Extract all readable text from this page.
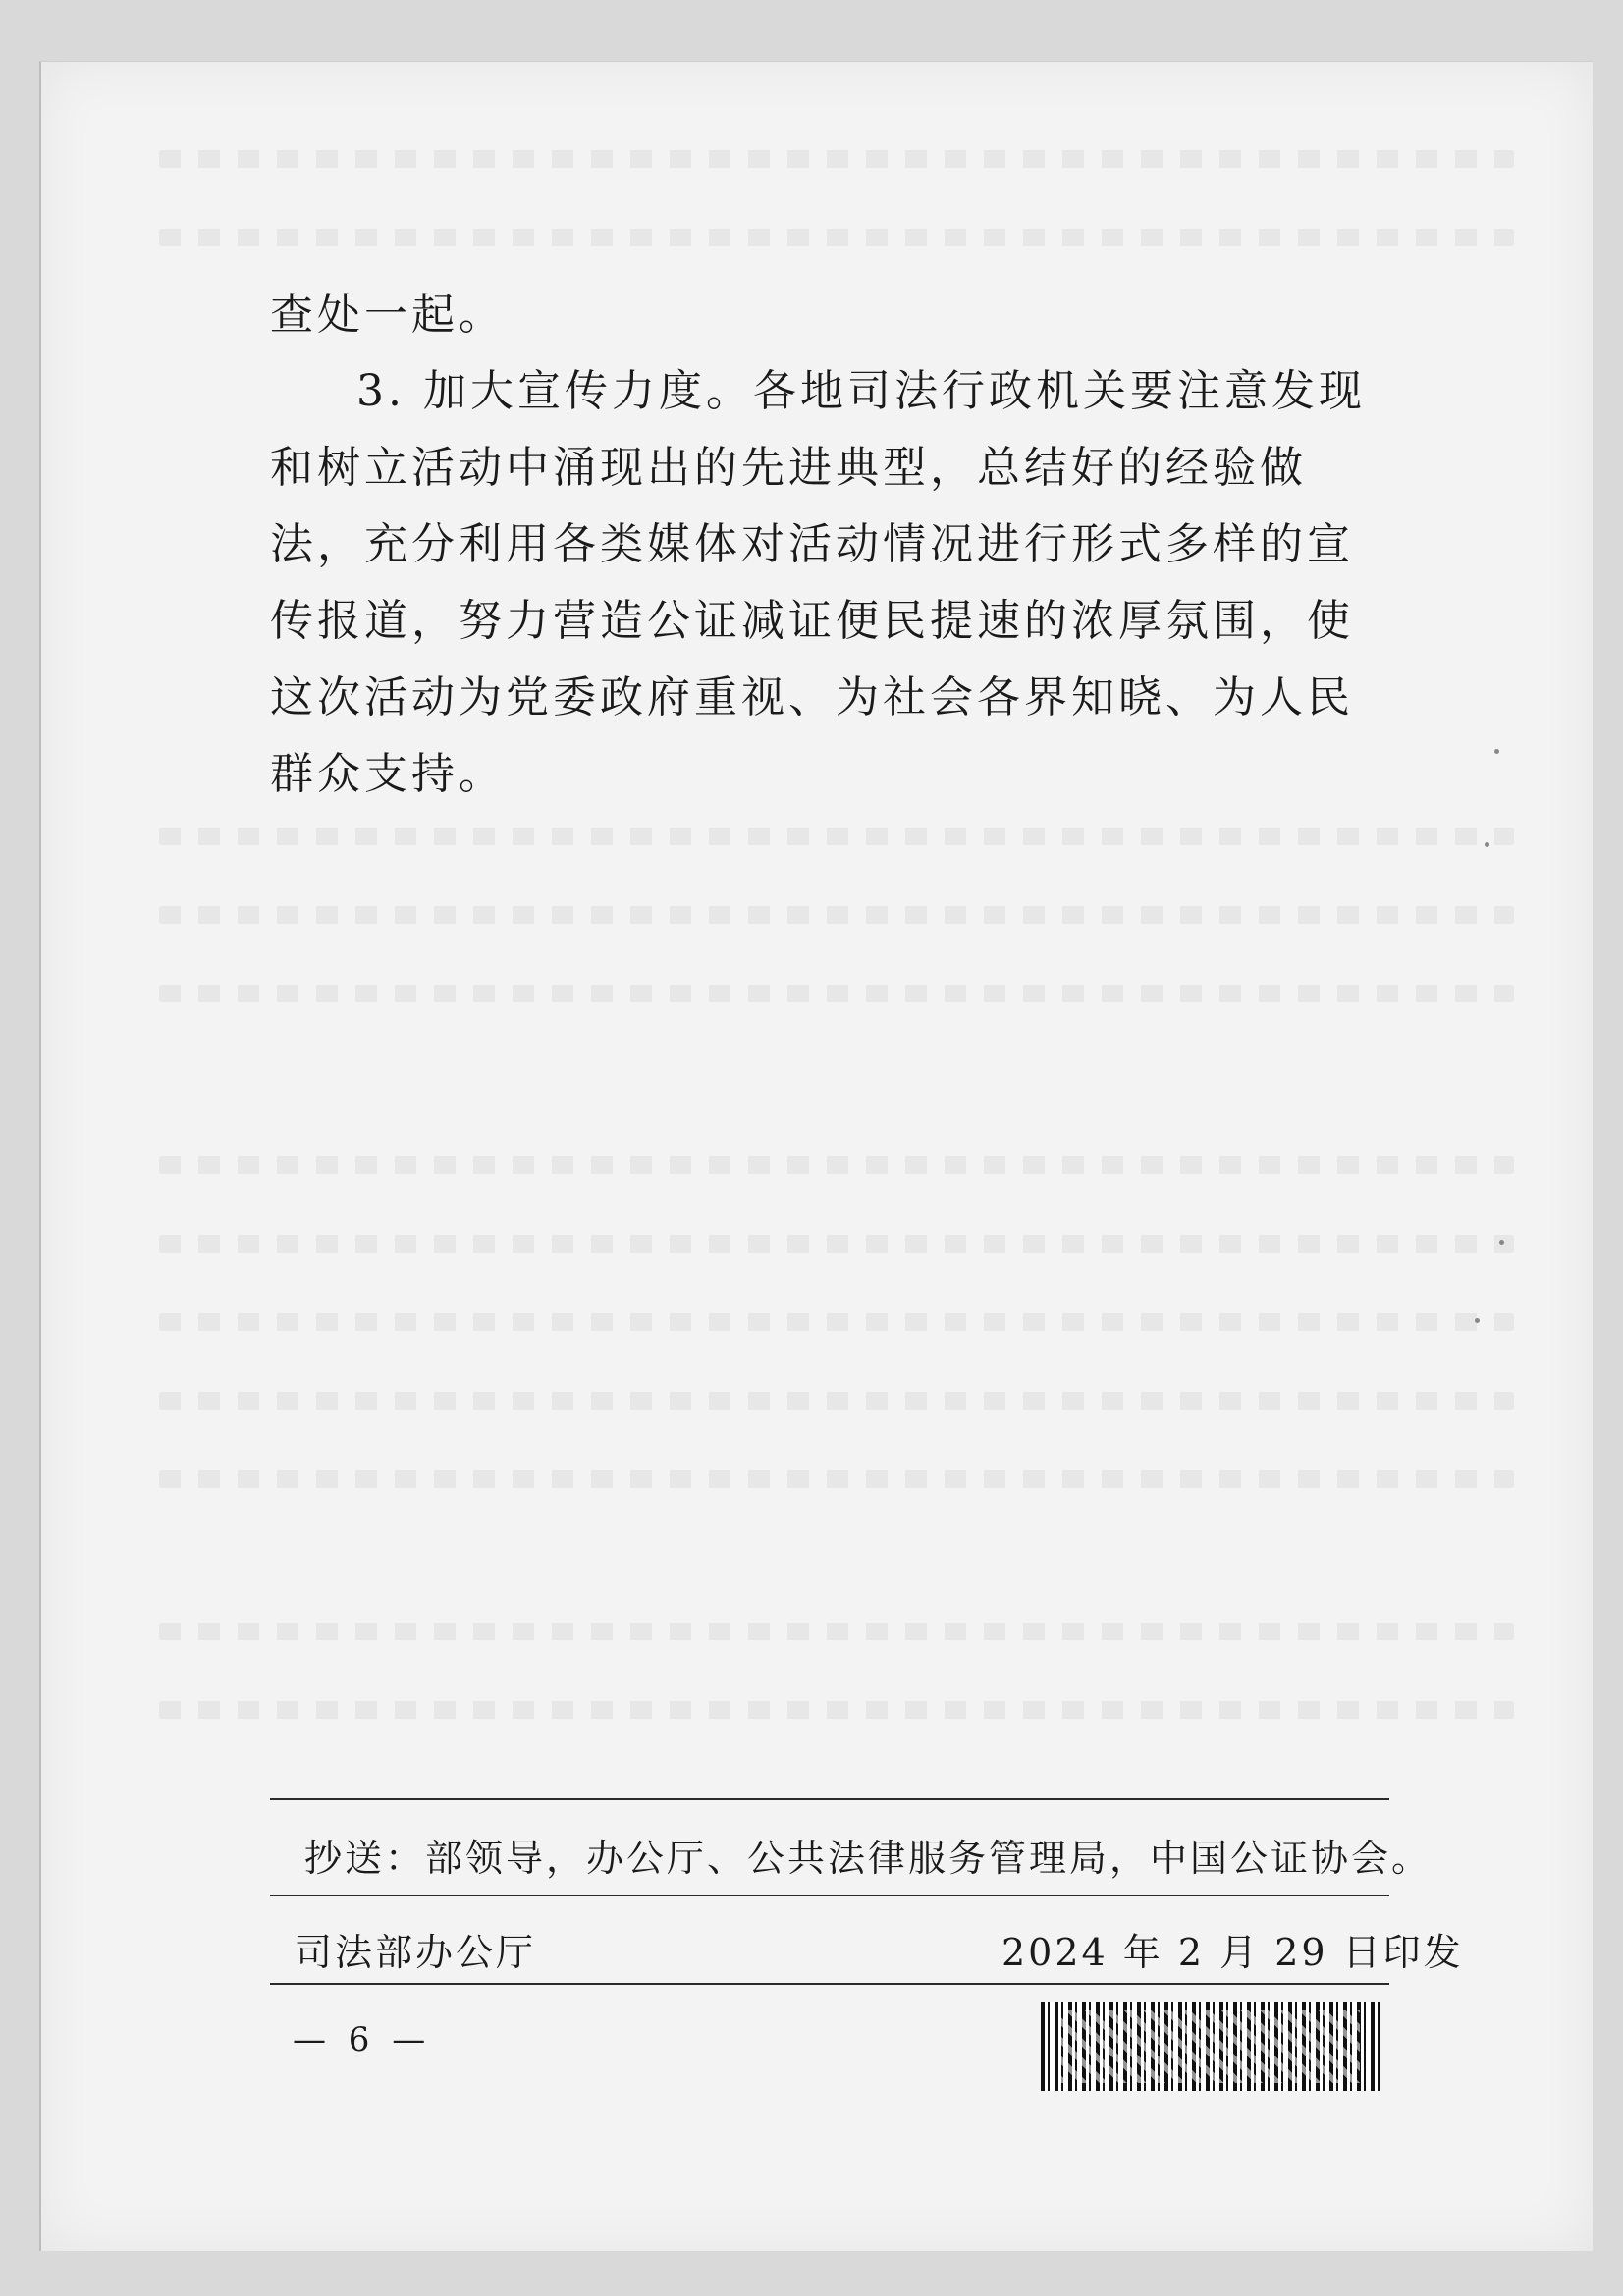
查处一起。

3. 加大宣传力度。各地司法行政机关要注意发现和树立活动中涌现出的先进典型，总结好的经验做法，充分利用各类媒体对活动情况进行形式多样的宣传报道，努力营造公证减证便民提速的浓厚氛围，使这次活动为党委政府重视、为社会各界知晓、为人民群众支持。

抄送：部领导，办公厅、公共法律服务管理局，中国公证协会。
司法部办公厅	2024 年 2 月 29 日印发
— 6 —
